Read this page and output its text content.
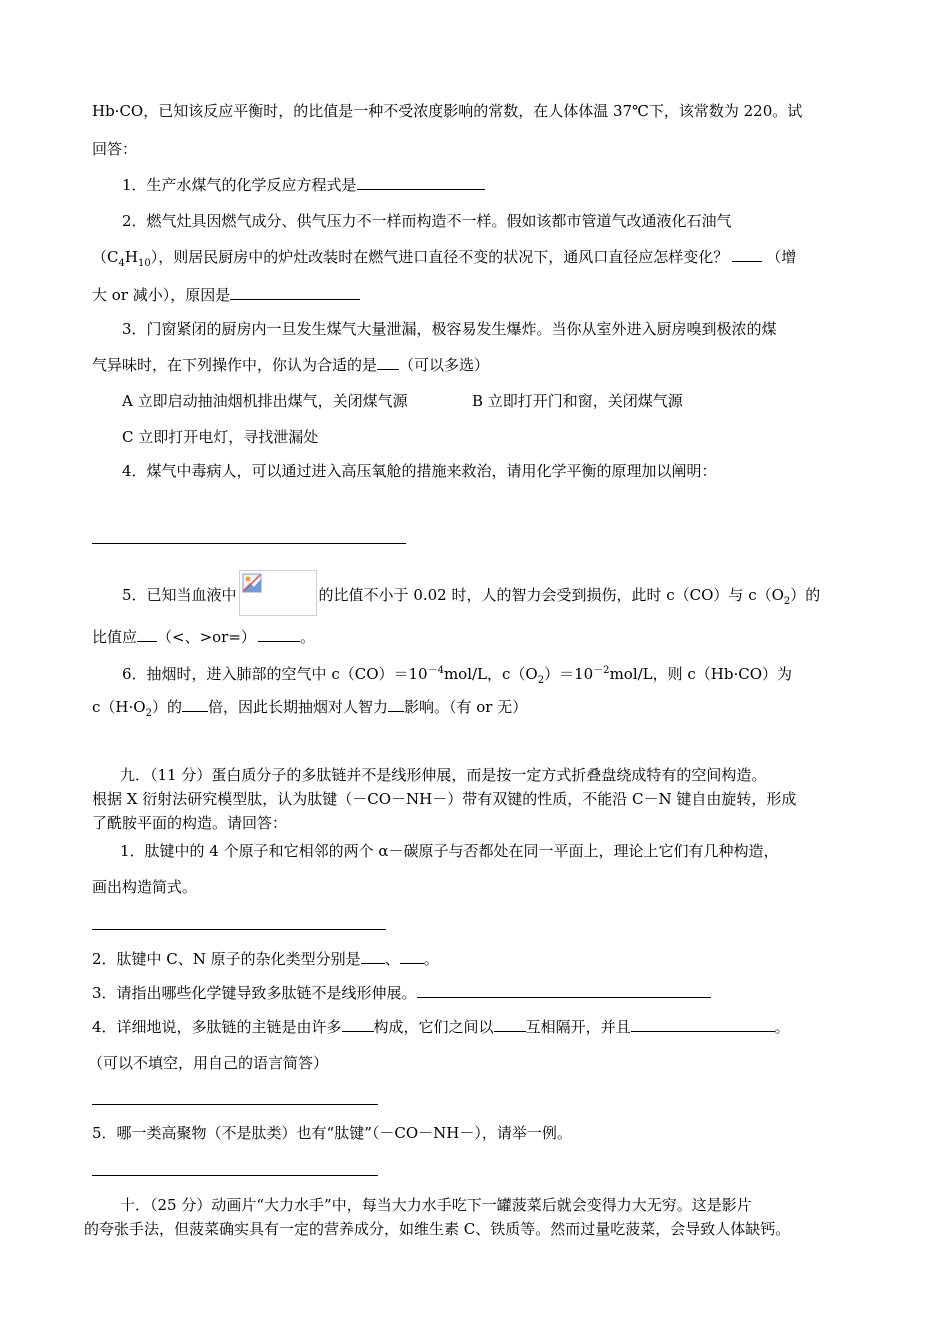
Hb·CO，已知该反应平衡时，的比值是一种不受浓度影响的常数，在人体体温 37℃下，该常数为 220。试
回答：
1．生产水煤气的化学反应方程式是
2．燃气灶具因燃气成分、供气压力不一样而构造不一样。假如该都市管道气改通液化石油气
$(C_4H_{10})$，则居民厨房中的炉灶改装时在燃气进口直径不变的状况下，通风口直径应怎样变化？	（增
大 or 减小），原因是
3．门窗紧闭的厨房内一旦发生煤气大量泄漏，极容易发生爆炸。当你从室外进入厨房嗅到极浓的煤
气异味时，在下列操作中，你认为合适的是 （可以多选）
A 立即启动抽油烟机排出煤气，关闭煤气源	B 立即打开门和窗，关闭煤气源
C 立即打开电灯，寻找泄漏处
4．煤气中毒病人，可以通过进入高压氧舱的措施来救治，请用化学平衡的原理加以阐明：
5．已知当血液中	的比值不小于 0.02 时，人的智力会受到损伤，此时 c（CO）与 $c(O_2)$的
比值应 （<、>or=）	。
6．抽烟时，进入肺部的空气中 $c(CO)=10^{-4}mol/L$，$c(O_2)=10^{-2}mol/L$，则 c（Hb·CO）为
$c(H\cdot O_2)$的 倍，因此长期抽烟对人智力 影响。（有 or 无）
九．（11 分）蛋白质分子的多肽链并不是线形伸展，而是按一定方式折叠盘绕成特有的空间构造。
根据 X 衍射法研究模型肽，认为肽键（－CO－NH－）带有双键的性质，不能沿 C－N 键自由旋转，形成
了酰胺平面的构造。请回答：
1．肽键中的 4 个原子和它相邻的两个 α－碳原子与否都处在同一平面上，理论上它们有几种构造，
画出构造简式。
2．肽键中 C、N 原子的杂化类型分别是 、 。
3．请指出哪些化学键导致多肽链不是线形伸展。
4．详细地说，多肽链的主链是由许多 构成，它们之间以 互相隔开，并且	。
（可以不填空，用自己的语言简答）
5．哪一类高聚物（不是肽类）也有“肽键”（－CO－NH－），请举一例。
十．（25 分）动画片“大力水手”中，每当大力水手吃下一罐菠菜后就会变得力大无穷。这是影片
的夸张手法，但菠菜确实具有一定的营养成分，如维生素 C、铁质等。然而过量吃菠菜，会导致人体缺钙。
